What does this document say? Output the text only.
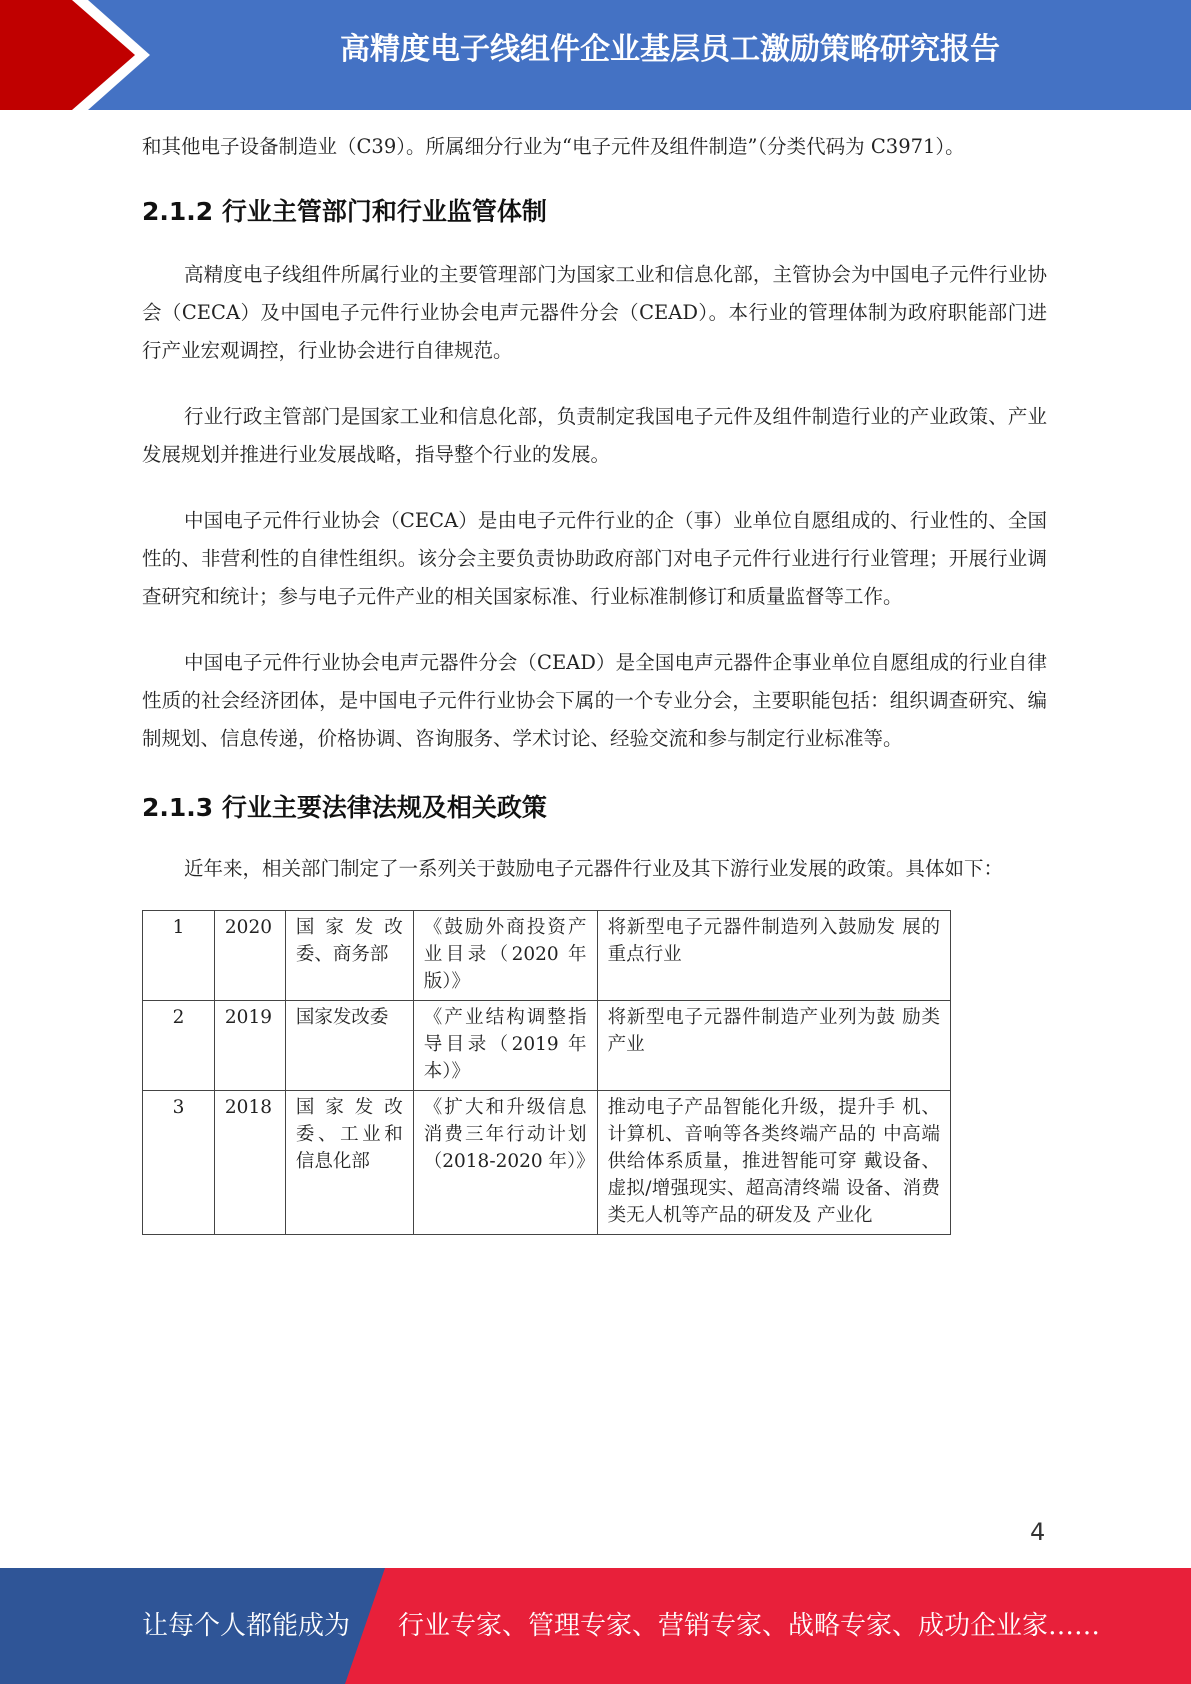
高精度电子线组件企业基层员工激励策略研究报告

和其他电子设备制造业（C39）。所属细分行业为“电子元件及组件制造”（分类代码为 C3971）。

2.1.2 行业主管部门和行业监管体制

高精度电子线组件所属行业的主要管理部门为国家工业和信息化部，主管协会为中国电子元件行业协会（CECA）及中国电子元件行业协会电声元器件分会（CEAD）。本行业的管理体制为政府职能部门进行产业宏观调控，行业协会进行自律规范。

行业行政主管部门是国家工业和信息化部，负责制定我国电子元件及组件制造行业的产业政策、产业发展规划并推进行业发展战略，指导整个行业的发展。

中国电子元件行业协会（CECA）是由电子元件行业的企（事）业单位自愿组成的、行业性的、全国性的、非营利性的自律性组织。该分会主要负责协助政府部门对电子元件行业进行行业管理；开展行业调查研究和统计；参与电子元件产业的相关国家标准、行业标准制修订和质量监督等工作。

中国电子元件行业协会电声元器件分会（CEAD）是全国电声元器件企事业单位自愿组成的行业自律性质的社会经济团体，是中国电子元件行业协会下属的一个专业分会，主要职能包括：组织调查研究、编制规划、信息传递，价格协调、咨询服务、学术讨论、经验交流和参与制定行业标准等。

2.1.3 行业主要法律法规及相关政策

近年来，相关部门制定了一系列关于鼓励电子元器件行业及其下游行业发展的政策。具体如下：

1	2020	国家发改委、商务部	《鼓励外商投资产业目录（2020 年版）》	将新型电子元器件制造列入鼓励发 展的重点行业
2	2019	国家发改委	《产业结构调整指导目录（2019 年本）》	将新型电子元器件制造产业列为鼓 励类产业
3	2018	国家发改委、工业和信息化部	《扩大和升级信息消费三年行动计划（2018-2020 年）》	推动电子产品智能化升级，提升手 机、计算机、音响等各类终端产品的 中高端供给体系质量，推进智能可穿 戴设备、虚拟/增强现实、超高清终端 设备、消费类无人机等产品的研发及 产业化
4
让每个人都能成为 行业专家、管理专家、营销专家、战略专家、成功企业家……
